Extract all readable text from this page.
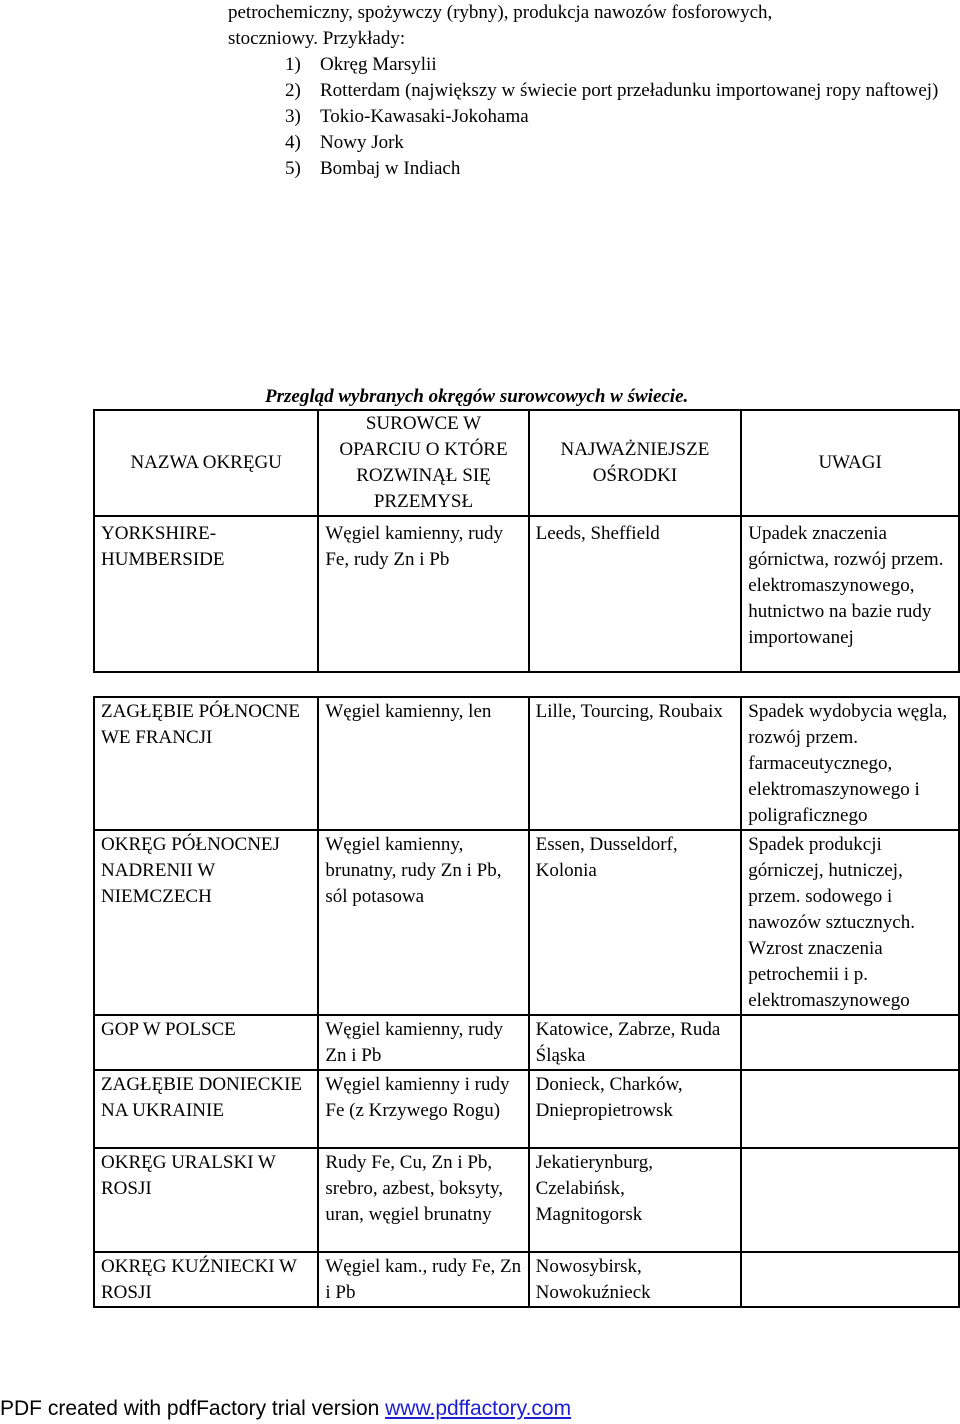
petrochemiczny, spożywczy (rybny), produkcja nawozów fosforowych,

stoczniowy. Przykłady:

1)	Okręg Marsylii
2)	Rotterdam (największy w świecie port przeładunku importowanej ropy naftowej)
3)	Tokio-Kawasaki-Jokohama
4)	Nowy Jork
5)	Bombaj w Indiach

Przegląd wybranych okręgów surowcowych w świecie.

NAZWA OKRĘGU	SUROWCE W OPARCIU O KTÓRE ROZWINĄŁ SIĘ PRZEMYSŁ	NAJWAŻNIEJSZE OŚRODKI	UWAGI
YORKSHIRE-HUMBERSIDE	Węgiel kamienny, rudy Fe, rudy Zn i Pb	Leeds, Sheffield	Upadek znaczenia górnictwa, rozwój przem. elektromaszynowego, hutnictwo na bazie rudy importowanej
ZAGŁĘBIE PÓŁNOCNE WE FRANCJI	Węgiel kamienny, len	Lille, Tourcing, Roubaix	Spadek wydobycia węgla, rozwój przem. farmaceutycznego, elektromaszynowego i poligraficznego
OKRĘG PÓŁNOCNEJ NADRENII W NIEMCZECH	Węgiel kamienny, brunatny, rudy Zn i Pb, sól potasowa	Essen, Dusseldorf, Kolonia	Spadek produkcji górniczej, hutniczej, przem. sodowego i nawozów sztucznych. Wzrost znaczenia petrochemii i p. elektromaszynowego
GOP W POLSCE	Węgiel kamienny, rudy Zn i Pb	Katowice, Zabrze, Ruda Śląska	
ZAGŁĘBIE DONIECKIE NA UKRAINIE	Węgiel kamienny i rudy Fe (z Krzywego Rogu)	Donieck, Charków, Dniepropietrowsk	
OKRĘG URALSKI W ROSJI	Rudy Fe, Cu, Zn i Pb, srebro, azbest, boksyty, uran, węgiel brunatny	Jekatierynburg, Czelabińsk, Magnitogorsk	
OKRĘG KUŹNIECKI W ROSJI	Węgiel kam., rudy Fe, Zn i Pb	Nowosybirsk, Nowokuźnieck	

PDF created with pdfFactory trial version www.pdffactory.com
